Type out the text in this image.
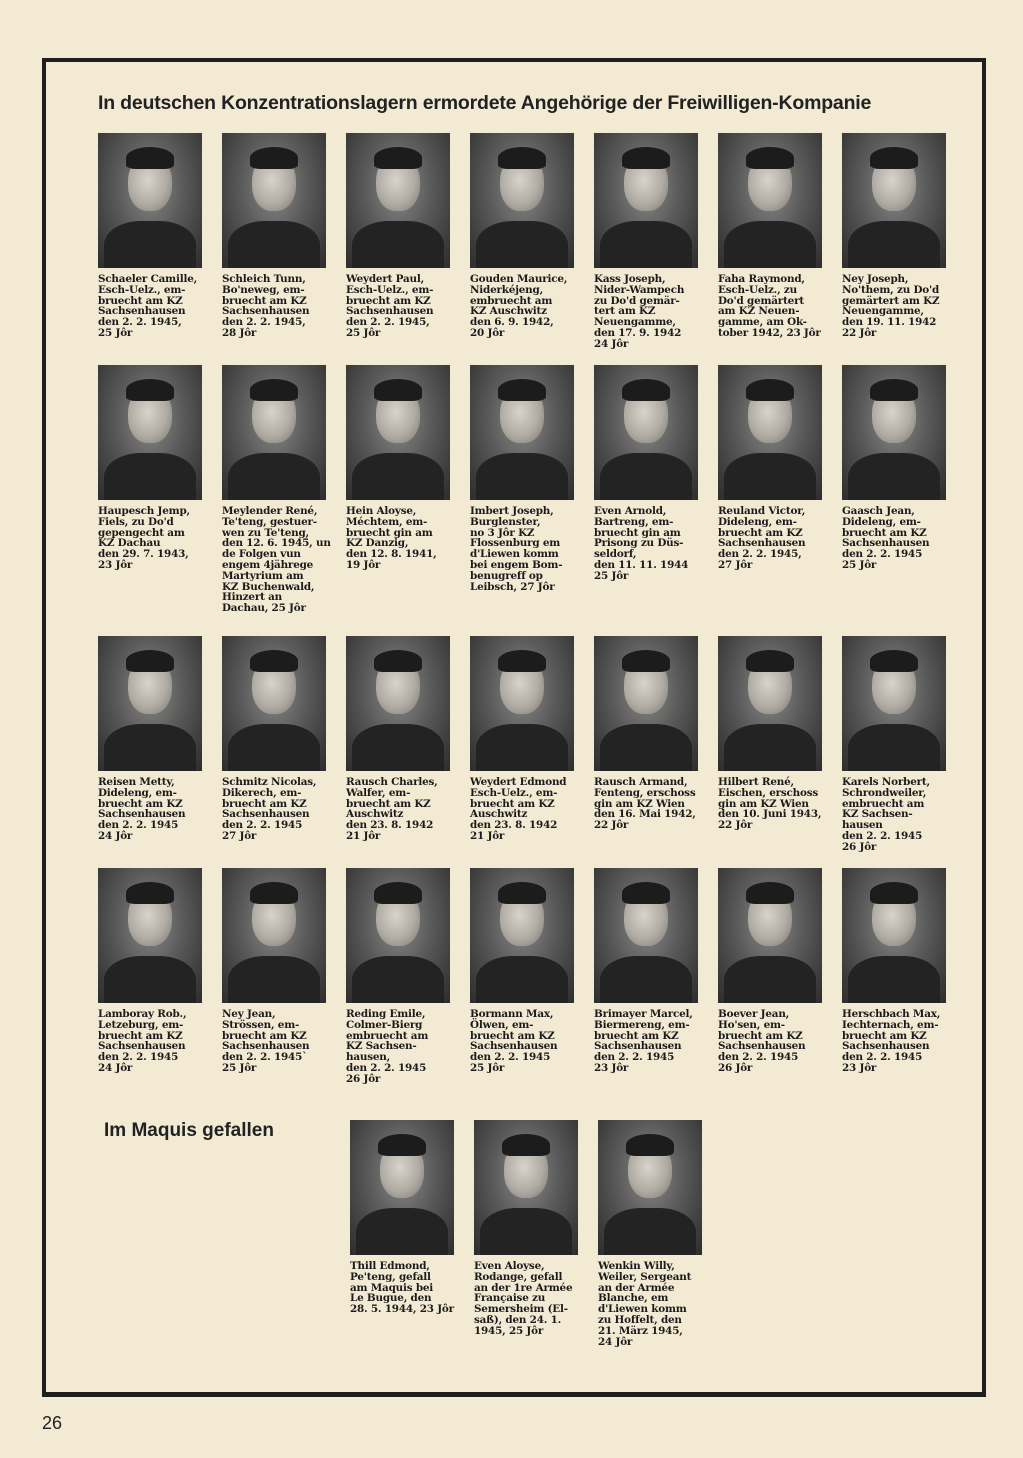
In deutschen Konzentrationslagern ermordete Angehörige der Freiwilligen-Kompanie
Schaeler Camille,
Esch-Uelz., em-
bruecht am KZ
Sachsenhausen
den 2. 2. 1945,
25 Jôr
Schleich Tunn,
Bo'neweg, em-
bruecht am KZ
Sachsenhausen
den 2. 2. 1945,
28 Jôr
Weydert Paul,
Esch-Uelz., em-
bruecht am KZ
Sachsenhausen
den 2. 2. 1945,
25 Jôr
Gouden Maurice,
Niderkéjeng,
embruecht am
KZ Auschwitz
den 6. 9. 1942,
20 Jôr
Kass Joseph,
Nider-Wampech
zu Do'd gemär-
tert am KZ
Neuengamme,
den 17. 9. 1942
24 Jôr
Faha Raymond,
Esch-Uelz., zu
Do'd gemärtert
am KZ Neuen-
gamme, am Ok-
tober 1942, 23 Jôr
Ney Joseph,
No'them, zu Do'd
gemärtert am KZ
Neuengamme,
den 19. 11. 1942
22 Jôr
Haupesch Jemp,
Fiels, zu Do'd
gepengecht am
KZ Dachau
den 29. 7. 1943,
23 Jôr
Meylender René,
Te'teng, gestuer-
wen zu Te'teng,
den 12. 6. 1945, un
de Folgen vun
engem 4jährege
Martyrium am
KZ Buchenwald,
Hinzert an
Dachau, 25 Jôr
Hein Aloyse,
Méchtem, em-
bruecht gin am
KZ Danzig,
den 12. 8. 1941,
19 Jôr
Imbert Joseph,
Burglenster,
no 3 Jôr KZ
Flossenburg em
d'Liewen komm
bei engem Bom-
benugreff op
Leibsch, 27 Jôr
Even Arnold,
Bartreng, em-
bruecht gin am
Prisong zu Düs-
seldorf,
den 11. 11. 1944
25 Jôr
Reuland Victor,
Dideleng, em-
bruecht am KZ
Sachsenhausen
den 2. 2. 1945,
27 Jôr
Gaasch Jean,
Dideleng, em-
bruecht am KZ
Sachsenhausen
den 2. 2. 1945
25 Jôr
Reisen Metty,
Dideleng, em-
bruecht am KZ
Sachsenhausen
den 2. 2. 1945
24 Jôr
Schmitz Nicolas,
Dikerech, em-
bruecht am KZ
Sachsenhausen
den 2. 2. 1945
27 Jôr
Rausch Charles,
Walfer, em-
bruecht am KZ
Auschwitz
den 23. 8. 1942
21 Jôr
Weydert Edmond
Esch-Uelz., em-
bruecht am KZ
Auschwitz
den 23. 8. 1942
21 Jôr
Rausch Armand,
Fenteng, erschoss
gin am KZ Wien
den 16. Mai 1942,
22 Jôr
Hilbert René,
Eischen, erschoss
gin am KZ Wien
den 10. Juni 1943,
22 Jôr
Karels Norbert,
Schrondweiler,
embruecht am
KZ Sachsen-
hausen
den 2. 2. 1945
26 Jôr
Lamboray Rob.,
Letzeburg, em-
bruecht am KZ
Sachsenhausen
den 2. 2. 1945
24 Jôr
Ney Jean,
Strössen, em-
bruecht am KZ
Sachsenhausen
den 2. 2. 1945`
25 Jôr
Reding Emile,
Colmer-Bierg
embruecht am
KZ Sachsen-
hausen,
den 2. 2. 1945
26 Jôr
Bormann Max,
Ölwen, em-
bruecht am KZ
Sachsenhausen
den 2. 2. 1945
25 Jôr
Brimayer Marcel,
Biermereng, em-
bruecht am KZ
Sachsenhausen
den 2. 2. 1945
23 Jôr
Boever Jean,
Ho'sen, em-
bruecht am KZ
Sachsenhausen
den 2. 2. 1945
26 Jôr
Herschbach Max,
Iechternach, em-
bruecht am KZ
Sachsenhausen
den 2. 2. 1945
23 Jôr
Thill Edmond,
Pe'teng, gefall
am Maquis bei
Le Bugue, den
28. 5. 1944, 23 Jôr
Even Aloyse,
Rodange, gefall
an der 1re Armée
Française zu
Semersheim (El-
saß), den 24. 1.
1945, 25 Jôr
Wenkin Willy,
Weiler, Sergeant
an der Armée
Blanche, em
d'Liewen komm
zu Hoffelt, den
21. März 1945,
24 Jôr
Im Maquis gefallen
26
